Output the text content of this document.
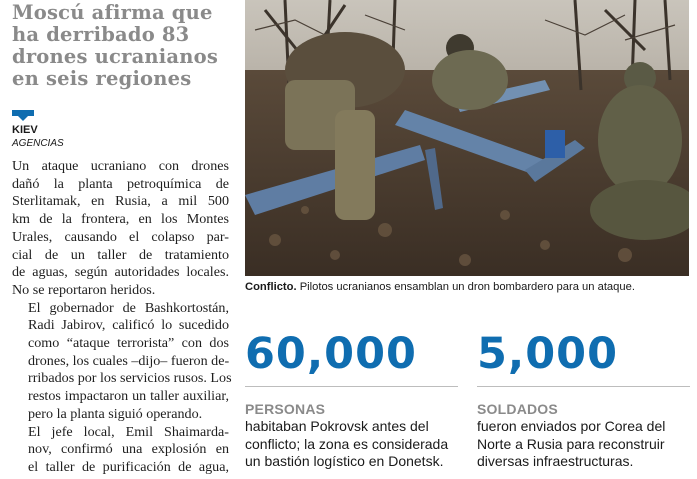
Moscú afirma que
ha derribado 83
drones ucranianos
en seis regiones
KIEV
AGENCIAS

Un ataque ucraniano con drones
dañó la planta petroquímica de
Sterlitamak, en Rusia, a mil 500
km de la frontera, en los Montes
Urales, causando el colapso par-
cial de un taller de tratamiento
de aguas, según autoridades locales.
No se reportaron heridos.

El gobernador de Bashkortostán,
Radi Jabirov, calificó lo sucedido
como “ataque terrorista” con dos
drones, los cuales –dijo– fueron de-
rribados por los servicios rusos. Los
restos impactaron un taller auxiliar,
pero la planta siguió operando.

El jefe local, Emil Shaimarda-
nov, confirmó una explosión en
el taller de purificación de agua,

Conflicto. Pilotos ucranianos ensamblan un dron bombardero para un ataque.
60,000
PERSONAS
habitaban Pokrovsk antes del
conflicto; la zona es considerada
un bastión logístico en Donetsk.
5,000
SOLDADOS
fueron enviados por Corea del
Norte a Rusia para reconstruir
diversas infraestructuras.
